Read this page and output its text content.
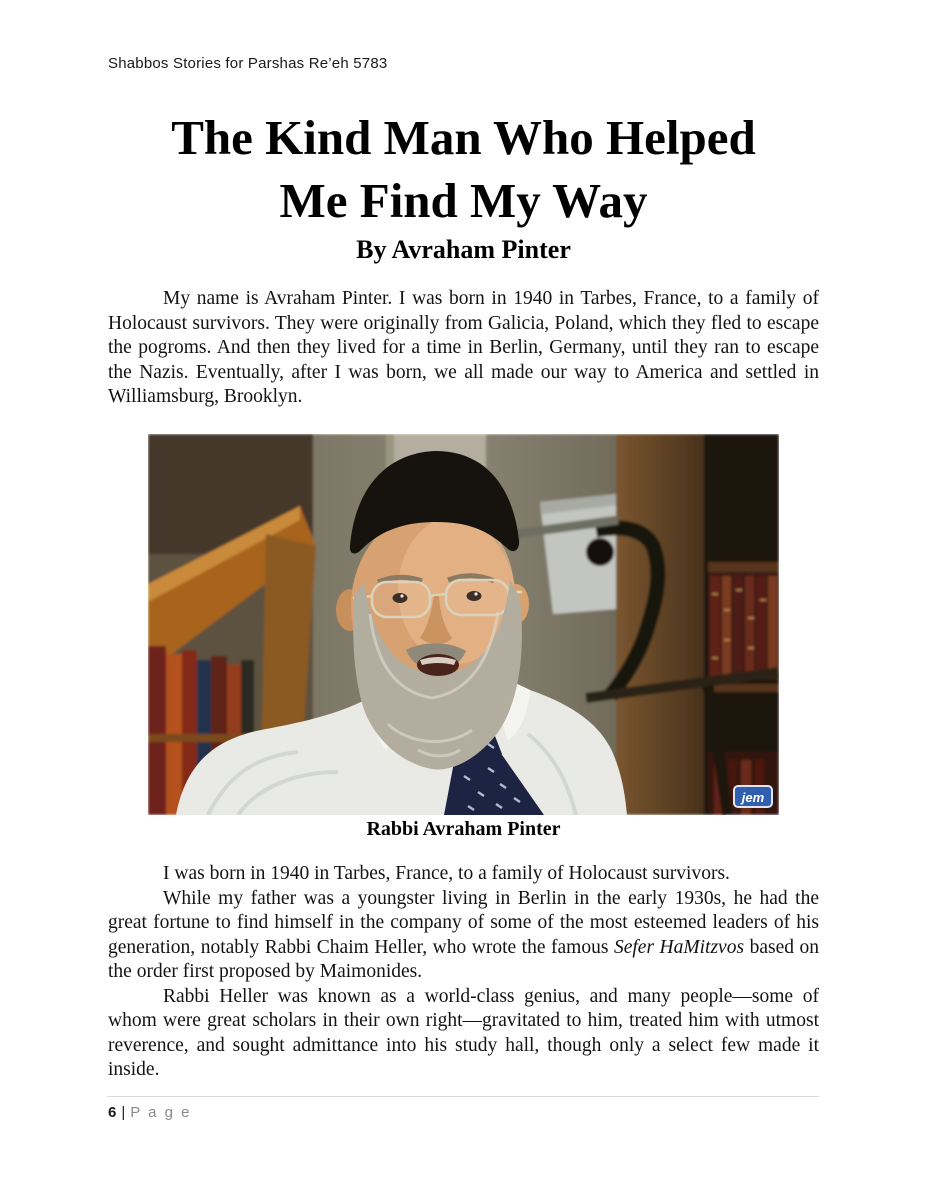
Shabbos Stories for Parshas Re’eh 5783
The Kind Man Who Helped
Me Find My Way
By Avraham Pinter

My name is Avraham Pinter. I was born in 1940 in Tarbes, France, to a family of Holocaust survivors. They were originally from Galicia, Poland, which they fled to escape the pogroms. And then they lived for a time in Berlin, Germany, until they ran to escape the Nazis. Eventually, after I was born, we all made our way to America and settled in Williamsburg, Brooklyn.

jem
Rabbi Avraham Pinter

I was born in 1940 in Tarbes, France, to a family of Holocaust survivors.

While my father was a youngster living in Berlin in the early 1930s, he had the great fortune to find himself in the company of some of the most esteemed leaders of his generation, notably Rabbi Chaim Heller, who wrote the famous Sefer HaMitzvos based on the order first proposed by Maimonides.

Rabbi Heller was known as a world-class genius, and many people—some of whom were great scholars in their own right—gravitated to him, treated him with utmost reverence, and sought admittance into his study hall, though only a select few made it inside.

6 | P a g e
